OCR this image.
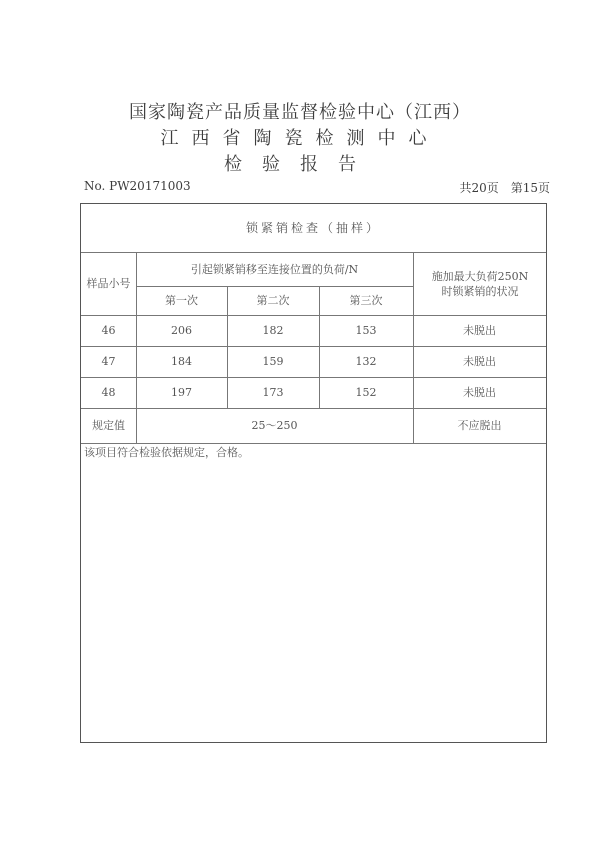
国家陶瓷产品质量监督检验中心（江西）
江西省陶瓷检测中心
检验报告
No. PW20171003	共20页　第15页
锁紧销检查（抽样）
样品小号
引起锁紧销移至连接位置的负荷/N
第一次	第二次	第三次
施加最大负荷250N时锁紧销的状况
46	206	182	153	未脱出
47	184	159	132	未脱出
48	197	173	152	未脱出
规定值	25～250	不应脱出
该项目符合检验依据规定，合格。
